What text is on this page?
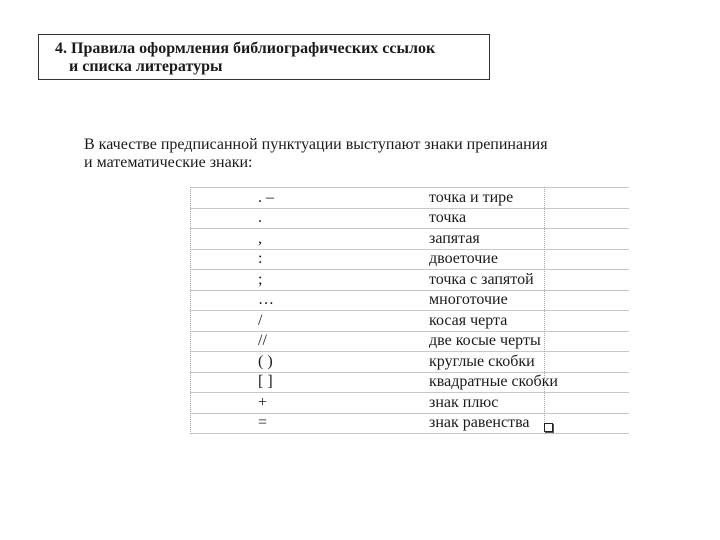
4. Правила оформления библиографических ссылок
и списка литературы
В качестве предписанной пунктуации выступают знаки препинания
и математические знаки:
. –	точка и тире
.	точка
,	запятая
:	двоеточие
;	точка с запятой
…	многоточие
/	косая черта
//	две косые черты
( )	круглые скобки
[ ]	квадратные скобки
+	знак плюс
=	знак равенства
